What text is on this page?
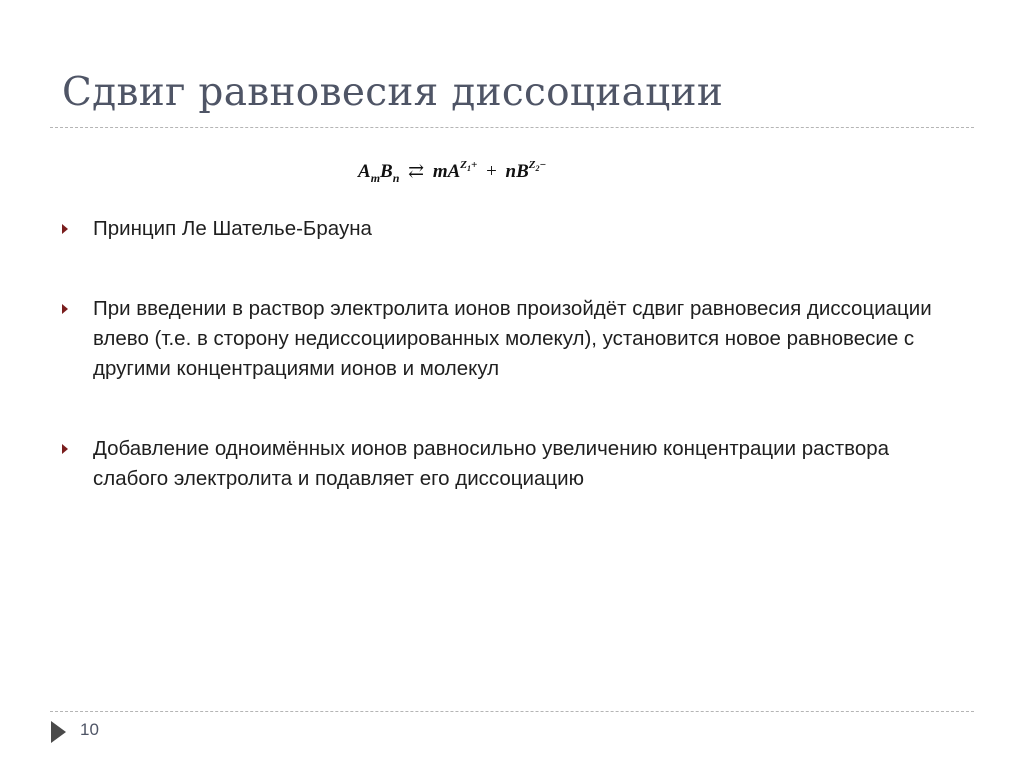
Сдвиг равновесия диссоциации
$A_mB_n$ ⇄ $mA^{Z_1+} + nB^{Z_2-}$
Принцип Ле Шателье-Брауна
При введении в раствор электролита ионов произойдёт сдвиг равновесия диссоциации влево (т.е. в сторону недиссоциированных молекул), установится новое равновесие с другими концентрациями ионов и молекул
Добавление одноимённых ионов равносильно увеличению концентрации раствора слабого электролита и подавляет его диссоциацию
10
